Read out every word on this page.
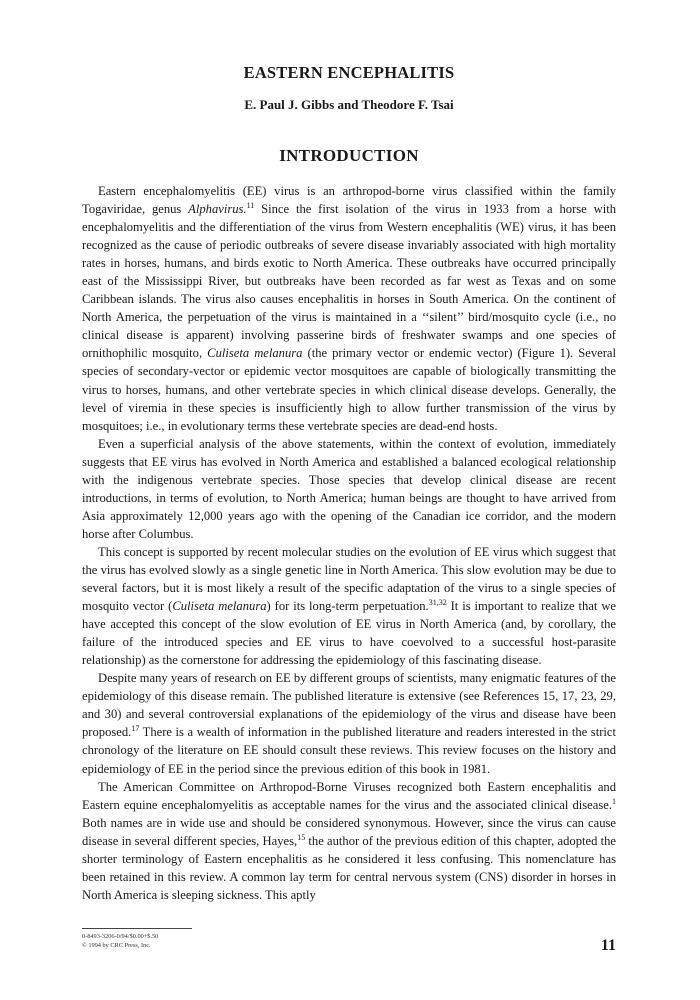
EASTERN ENCEPHALITIS
E. Paul J. Gibbs and Theodore F. Tsai
INTRODUCTION

Eastern encephalomyelitis (EE) virus is an arthropod-borne virus classified within the family Togaviridae, genus Alphavirus.$^{11}$ Since the first isolation of the virus in 1933 from a horse with encephalomyelitis and the differentiation of the virus from Western encephalitis (WE) virus, it has been recognized as the cause of periodic outbreaks of severe disease invariably associated with high mortality rates in horses, humans, and birds exotic to North America. These outbreaks have occurred principally east of the Mississippi River, but outbreaks have been recorded as far west as Texas and on some Caribbean islands. The virus also causes encephalitis in horses in South America. On the continent of North America, the perpetuation of the virus is maintained in a ‘‘silent’’ bird/mosquito cycle (i.e., no clinical disease is apparent) involving passerine birds of freshwater swamps and one species of ornithophilic mosquito, Culiseta melanura (the primary vector or endemic vector) (Figure 1). Several species of secondary-vector or epidemic vector mosquitoes are capable of biologically transmitting the virus to horses, humans, and other vertebrate species in which clinical disease develops. Generally, the level of viremia in these species is insufficiently high to allow further transmission of the virus by mosquitoes; i.e., in evolutionary terms these vertebrate species are dead-end hosts.

Even a superficial analysis of the above statements, within the context of evolution, immediately suggests that EE virus has evolved in North America and established a balanced ecological relationship with the indigenous vertebrate species. Those species that develop clinical disease are recent introductions, in terms of evolution, to North America; human beings are thought to have arrived from Asia approximately 12,000 years ago with the opening of the Canadian ice corridor, and the modern horse after Columbus.

This concept is supported by recent molecular studies on the evolution of EE virus which suggest that the virus has evolved slowly as a single genetic line in North America. This slow evolution may be due to several factors, but it is most likely a result of the specific adaptation of the virus to a single species of mosquito vector (Culiseta melanura) for its long-term perpetuation.$^{31,32}$ It is important to realize that we have accepted this concept of the slow evolution of EE virus in North America (and, by corollary, the failure of the introduced species and EE virus to have coevolved to a successful host-parasite relationship) as the cornerstone for addressing the epidemiology of this fascinating disease.

Despite many years of research on EE by different groups of scientists, many enigmatic features of the epidemiology of this disease remain. The published literature is extensive (see References 15, 17, 23, 29, and 30) and several controversial explanations of the epidemiology of the virus and disease have been proposed.$^{17}$ There is a wealth of information in the published literature and readers interested in the strict chronology of the literature on EE should consult these reviews. This review focuses on the history and epidemiology of EE in the period since the previous edition of this book in 1981.

The American Committee on Arthropod-Borne Viruses recognized both Eastern encephalitis and Eastern equine encephalomyelitis as acceptable names for the virus and the associated clinical disease.$^1$ Both names are in wide use and should be considered synonymous. However, since the virus can cause disease in several different species, Hayes,$^{15}$ the author of the previous edition of this chapter, adopted the shorter terminology of Eastern encephalitis as he considered it less confusing. This nomenclature has been retained in this review. A common lay term for central nervous system (CNS) disorder in horses in North America is sleeping sickness. This aptly

0-8493-3206-0/94/$0.00+$.50
© 1994 by CRC Press, Inc.	11
